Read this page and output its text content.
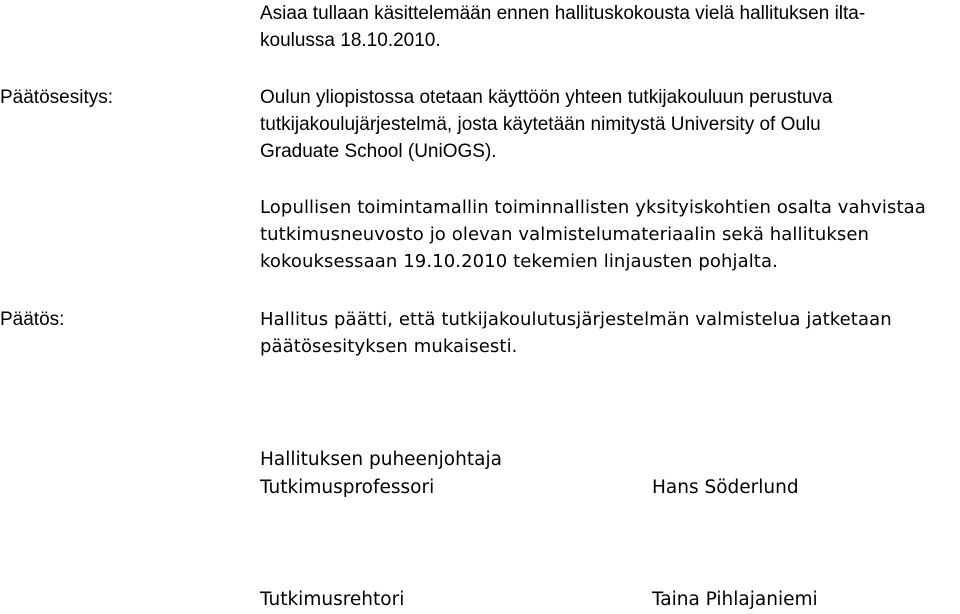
Asiaa tullaan käsittelemään ennen hallituskokousta vielä hallituksen ilta-
koulussa 18.10.2010.
Päätösesitys:	Oulun yliopistossa otetaan käyttöön yhteen tutkijakouluun perustuva
tutkijakoulujärjestelmä, josta käytetään nimitystä University of Oulu
Graduate School (UniOGS).
Lopullisen toimintamallin toiminnallisten yksityiskohtien osalta vahvistaa
tutkimusneuvosto jo olevan valmistelumateriaalin sekä hallituksen
kokouksessaan 19.10.2010 tekemien linjausten pohjalta.
Päätös:	Hallitus päätti, että tutkijakoulutusjärjestelmän valmistelua jatketaan
päätösesityksen mukaisesti.
Hallituksen puheenjohtaja
Tutkimusprofessori	Hans Söderlund
Tutkimusrehtori	Taina Pihlajaniemi
